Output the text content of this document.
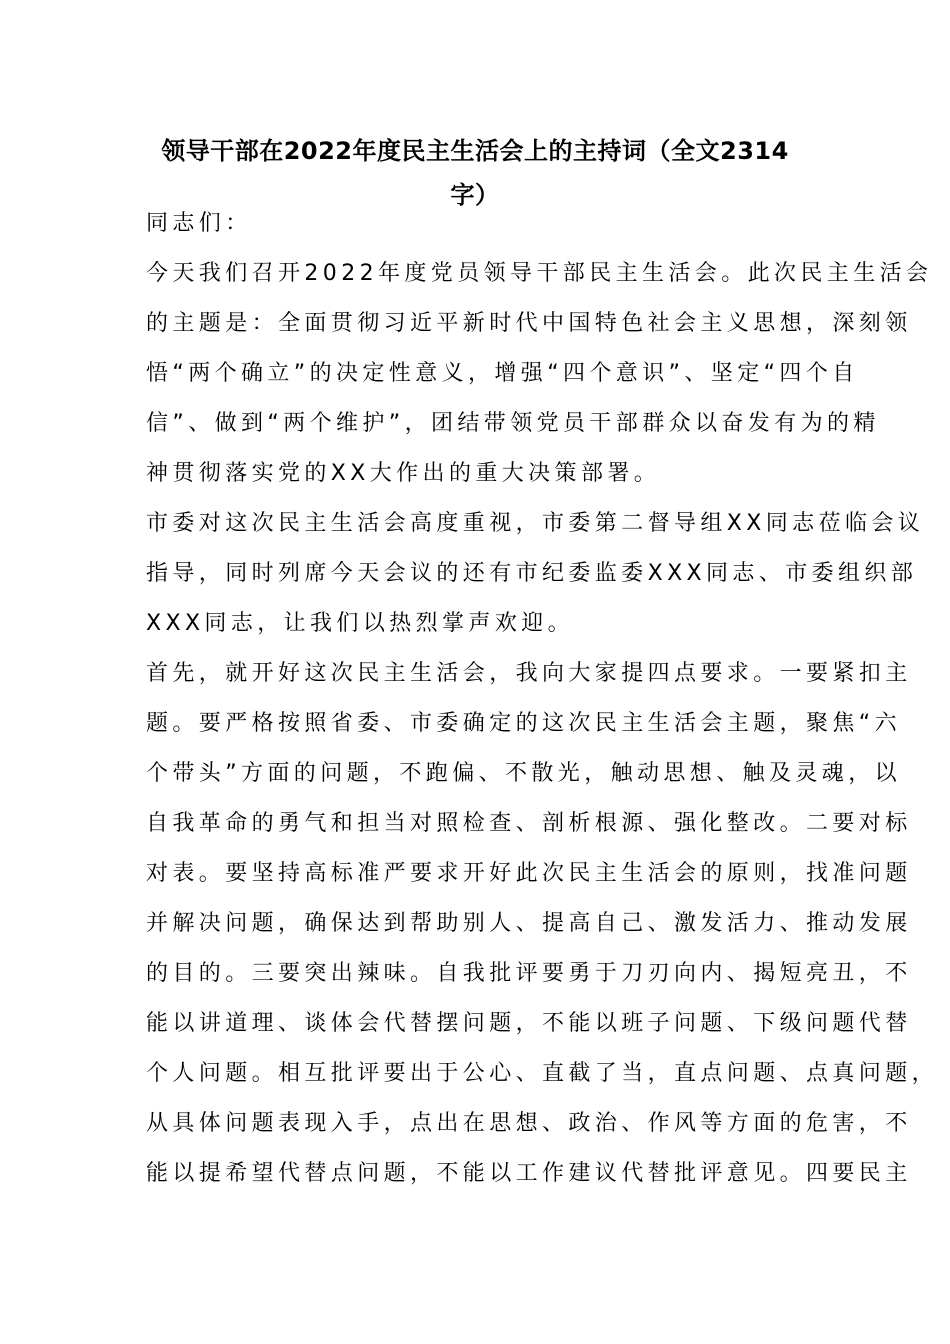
领导干部在2022年度民主生活会上的主持词（全文2314
字）
同志们：
今天我们召开2022年度党员领导干部民主生活会。此次民主生活会
的主题是：全面贯彻习近平新时代中国特色社会主义思想，深刻领
悟“两个确立”的决定性意义，增强“四个意识”、坚定“四个自
信”、做到“两个维护”，团结带领党员干部群众以奋发有为的精
神贯彻落实党的XX大作出的重大决策部署。
市委对这次民主生活会高度重视，市委第二督导组XX同志莅临会议
指导，同时列席今天会议的还有市纪委监委XXX同志、市委组织部
XXX同志，让我们以热烈掌声欢迎。
首先，就开好这次民主生活会，我向大家提四点要求。一要紧扣主
题。要严格按照省委、市委确定的这次民主生活会主题，聚焦“六
个带头”方面的问题，不跑偏、不散光，触动思想、触及灵魂，以
自我革命的勇气和担当对照检查、剖析根源、强化整改。二要对标
对表。要坚持高标准严要求开好此次民主生活会的原则，找准问题
并解决问题，确保达到帮助别人、提高自己、激发活力、推动发展
的目的。三要突出辣味。自我批评要勇于刀刃向内、揭短亮丑，不
能以讲道理、谈体会代替摆问题，不能以班子问题、下级问题代替
个人问题。相互批评要出于公心、直截了当，直点问题、点真问题，
从具体问题表现入手，点出在思想、政治、作风等方面的危害，不
能以提希望代替点问题，不能以工作建议代替批评意见。四要民主
